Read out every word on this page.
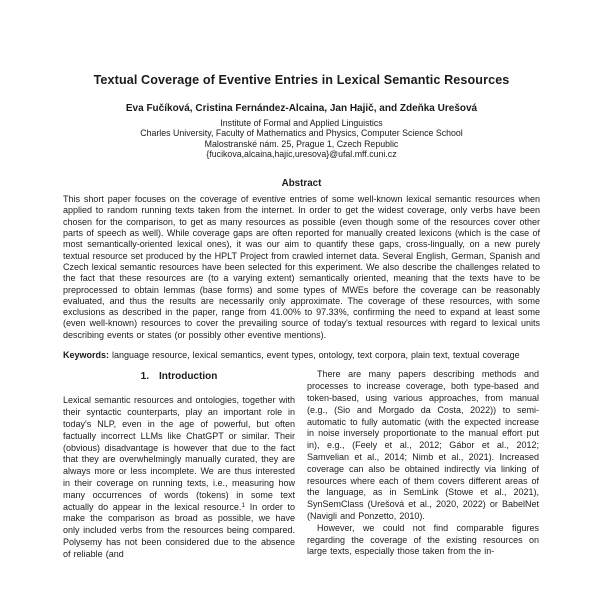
Textual Coverage of Eventive Entries in Lexical Semantic Resources
Eva Fučíková, Cristina Fernández-Alcaina, Jan Hajič, and Zdeňka Urešová
Institute of Formal and Applied Linguistics
Charles University, Faculty of Mathematics and Physics, Computer Science School
Malostranské nám. 25, Prague 1, Czech Republic
{fucikova,alcaina,hajic,uresova}@ufal.mff.cuni.cz
Abstract

This short paper focuses on the coverage of eventive entries of some well-known lexical semantic resources when applied to random running texts taken from the internet. In order to get the widest coverage, only verbs have been chosen for the comparison, to get as many resources as possible (even though some of the resources cover other parts of speech as well). While coverage gaps are often reported for manually created lexicons (which is the case of most semantically-oriented lexical ones), it was our aim to quantify these gaps, cross-lingually, on a new purely textual resource set produced by the HPLT Project from crawled internet data. Several English, German, Spanish and Czech lexical semantic resources have been selected for this experiment. We also describe the challenges related to the fact that these resources are (to a varying extent) semantically oriented, meaning that the texts have to be preprocessed to obtain lemmas (base forms) and some types of MWEs before the coverage can be reasonably evaluated, and thus the results are necessarily only approximate. The coverage of these resources, with some exclusions as described in the paper, range from 41.00% to 97.33%, confirming the need to expand at least some (even well-known) resources to cover the prevailing source of today's textual resources with regard to lexical units describing events or states (or possibly other eventive mentions).

Keywords: language resource, lexical semantics, event types, ontology, text corpora, plain text, textual coverage

1. Introduction

Lexical semantic resources and ontologies, together with their syntactic counterparts, play an important role in today's NLP, even in the age of powerful, but often factually incorrect LLMs like ChatGPT or similar. Their (obvious) disadvantage is however that due to the fact that they are overwhelmingly manually curated, they are always more or less incomplete. We are thus interested in their coverage on running texts, i.e., measuring how many occurrences of words (tokens) in some text actually do appear in the lexical resource.$^1$ In order to make the comparison as broad as possible, we have only included verbs from the resources being compared. Polysemy has not been considered due to the absence of reliable (and

There are many papers describing methods and processes to increase coverage, both type-based and token-based, using various approaches, from manual (e.g., (Sio and Morgado da Costa, 2022)) to semi-automatic to fully automatic (with the expected increase in noise inversely proportionate to the manual effort put in), e.g., (Feely et al., 2012; Gábor et al., 2012; Samvelian et al., 2014; Nimb et al., 2021). Increased coverage can also be obtained indirectly via linking of resources where each of them covers different areas of the language, as in SemLink (Stowe et al., 2021), SynSemClass (Urešová et al., 2020, 2022) or BabelNet (Navigli and Ponzetto, 2010).

However, we could not find comparable figures regarding the coverage of the existing resources on large texts, especially those taken from the in-
